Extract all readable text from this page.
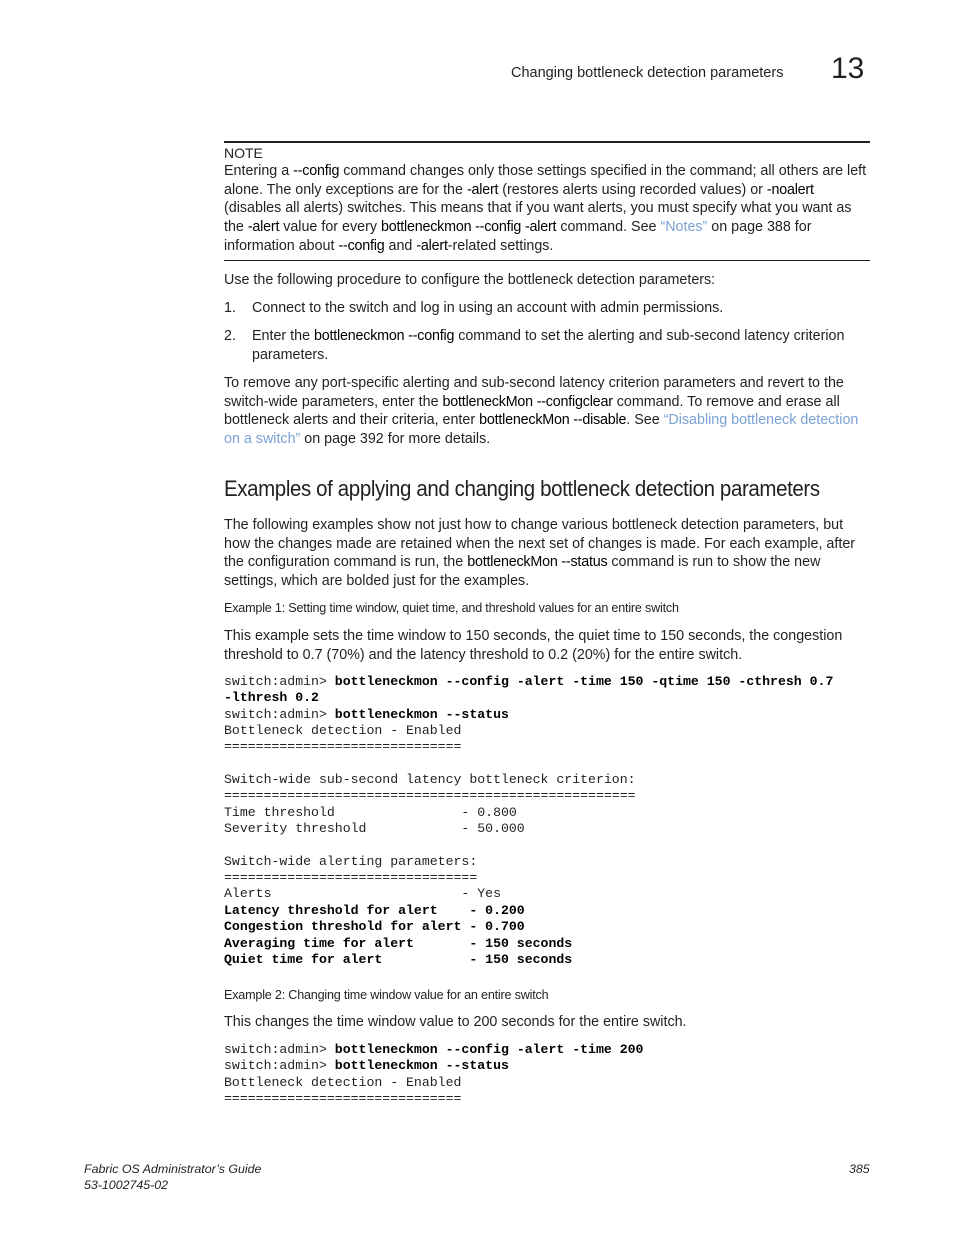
Changing bottleneck detection parameters 13
NOTE
Entering a --config command changes only those settings specified in the command; all others are left alone. The only exceptions are for the -alert (restores alerts using recorded values) or -noalert (disables all alerts) switches. This means that if you want alerts, you must specify what you want as the -alert value for every bottleneckmon --config -alert command. See “Notes” on page 388 for information about --config and -alert-related settings.
Use the following procedure to configure the bottleneck detection parameters:
1. Connect to the switch and log in using an account with admin permissions.
2. Enter the bottleneckmon --config command to set the alerting and sub-second latency criterion parameters.
To remove any port-specific alerting and sub-second latency criterion parameters and revert to the switch-wide parameters, enter the bottleneckMon --configclear command. To remove and erase all bottleneck alerts and their criteria, enter bottleneckMon --disable. See “Disabling bottleneck detection on a switch” on page 392 for more details.
Examples of applying and changing bottleneck detection parameters
The following examples show not just how to change various bottleneck detection parameters, but how the changes made are retained when the next set of changes is made. For each example, after the configuration command is run, the bottleneckMon --status command is run to show the new settings, which are bolded just for the examples.
Example 1: Setting time window, quiet time, and threshold values for an entire switch
This example sets the time window to 150 seconds, the quiet time to 150 seconds, the congestion threshold to 0.7 (70%) and the latency threshold to 0.2 (20%) for the entire switch.
switch:admin> bottleneckmon --config -alert -time 150 -qtime 150 -cthresh 0.7
-lthresh 0.2
switch:admin> bottleneckmon --status
Bottleneck detection - Enabled
==============================
Switch-wide sub-second latency bottleneck criterion:
====================================================
Time threshold                - 0.800
Severity threshold            - 50.000
Switch-wide alerting parameters:
================================
Alerts                        - Yes
Latency threshold for alert    - 0.200
Congestion threshold for alert - 0.700
Averaging time for alert       - 150 seconds
Quiet time for alert           - 150 seconds
Example 2: Changing time window value for an entire switch
This changes the time window value to 200 seconds for the entire switch.
switch:admin> bottleneckmon --config -alert -time 200
switch:admin> bottleneckmon --status
Bottleneck detection - Enabled
==============================
Fabric OS Administrator’s Guide
53-1002745-02
385
